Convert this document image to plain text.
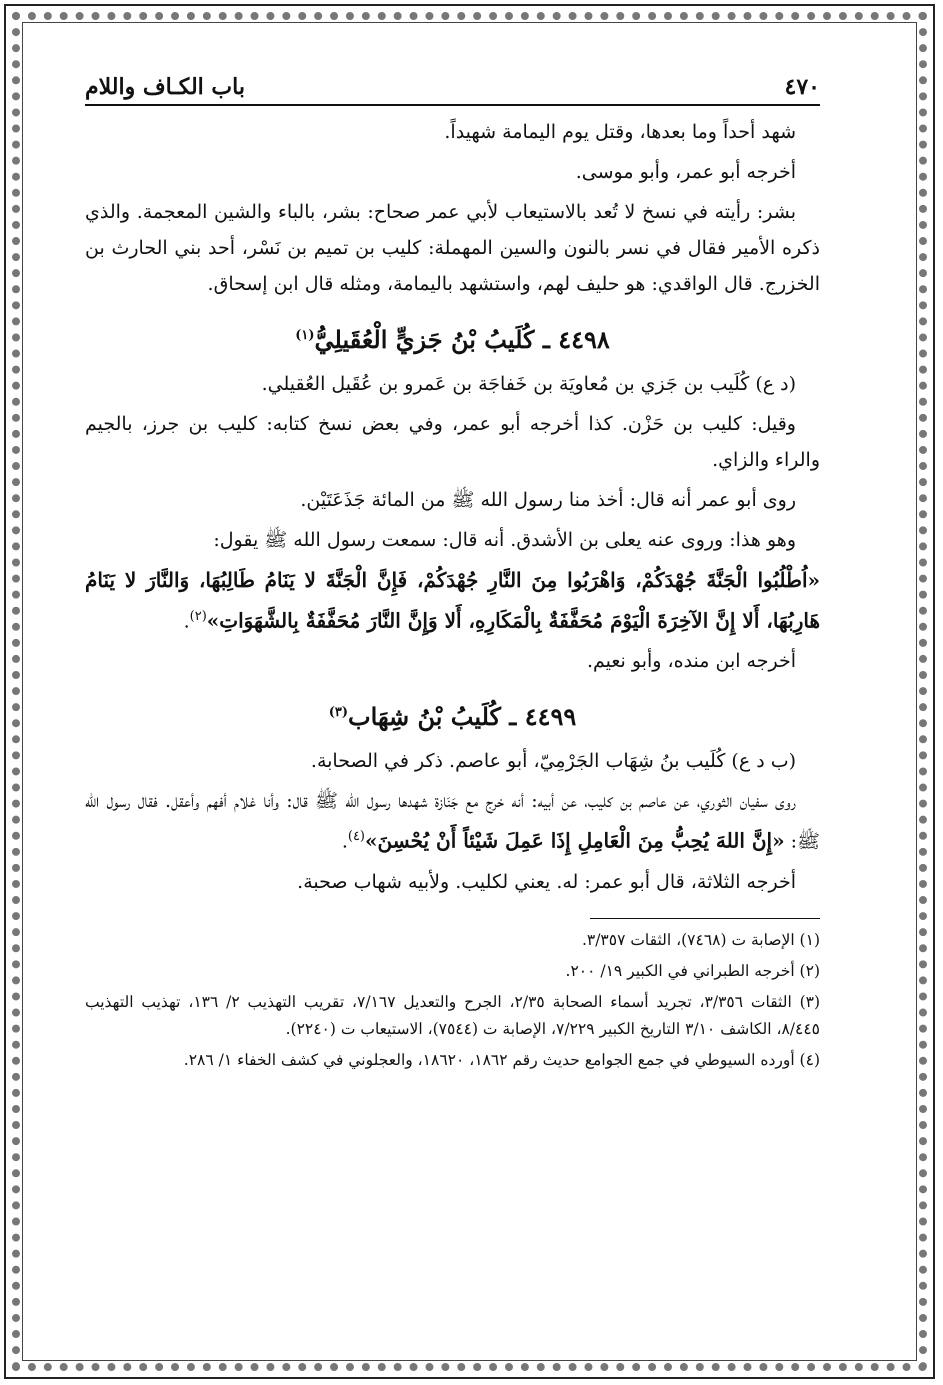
٤٧٠
باب الكـاف واللام

شهد أحداً وما بعدها، وقتل يوم اليمامة شهيداً.

أخرجه أبو عمر، وأبو موسى.

بشر: رأيته في نسخ لا تُعد بالاستيعاب لأبي عمر صحاح: بشر، بالباء والشين المعجمة. والذي ذكره الأمير فقال في نسر بالنون والسين المهملة: كليب بن تميم بن نَسْر، أحد بني الحارث بن الخزرج. قال الواقدي: هو حليف لهم، واستشهد باليمامة، ومثله قال ابن إسحاق.

٤٤٩٨ ـ كُلَيبُ بْنُ جَزيٍّ الْعُقَيلِيُّ$^{(١)}$

(د ع) كُلَيب بن جَزي بن مُعاويَة بن خَفاجَة بن عَمرو بن عُقَيل العُقيلي.

وقيل: كليب بن حَزْن. كذا أخرجه أبو عمر، وفي بعض نسخ كتابه: كليب بن جرز، بالجيم والراء والزاي.

روى أبو عمر أنه قال: أخذ منا رسول الله ﷺ من المائة جَذَعَتَيْن.

وهو هذا: وروى عنه يعلى بن الأشدق. أنه قال: سمعت رسول الله ﷺ يقول:

«اُطْلُبُوا الْجَنَّةَ جُهْدَكُمْ، وَاهْرَبُوا مِنَ النَّارِ جُهْدَكُمْ، فَإِنَّ الْجَنَّةَ لا يَنَامُ طَالِبُهَا، وَالنَّارَ لا يَنَامُ هَارِبُهَا، أَلا إِنَّ الآخِرَةَ الْيَوْمَ مُحَفَّفَةٌ بِالْمَكَارِهِ، أَلا وَإِنَّ النَّارَ مُحَفَّفَةٌ بِالشَّهَوَاتِ»$^{(٢)}$.

أخرجه ابن منده، وأبو نعيم.

٤٤٩٩ ـ كُلَيبُ بْنُ شِهَاب$^{(٣)}$

(ب د ع) كُلَيب بنُ شِهَاب الجَرْمِيّ، أبو عاصم. ذكر في الصحابة.

روى سفيان الثوري، عن عاصم بن كليب، عن أبيه: أنه خرج مع جَنَازة شهدها رسول الله ﷺ قال: وأنا غلام أفهم وأعقل. فقال رسول الله ﷺ: «إِنَّ اللهَ يُحِبُّ مِنَ الْعَامِلِ إِذَا عَمِلَ شَيْئاً أَنْ يُحْسِنَ»$^{(٤)}$.

أخرجه الثلاثة، قال أبو عمر: له. يعني لكليب. ولأبيه شهاب صحبة.

(١) الإصابة ت (٧٤٦٨)، الثقات ٣/٣٥٧.

(٢) أخرجه الطبراني في الكبير ١٩/ ٢٠٠.

(٣) الثقات ٣/٣٥٦، تجريد أسماء الصحابة ٢/٣٥، الجرح والتعديل ٧/١٦٧، تقريب التهذيب ٢/ ١٣٦، تهذيب التهذيب ٨/٤٤٥، الكاشف ٣/١٠ التاريخ الكبير ٧/٢٢٩، الإصابة ت (٧٥٤٤)، الاستيعاب ت (٢٢٤٠).

(٤) أورده السيوطي في جمع الجوامع حديث رقم ١٨٦٢، ١٨٦٢٠، والعجلوني في كشف الخفاء ١/ ٢٨٦.
